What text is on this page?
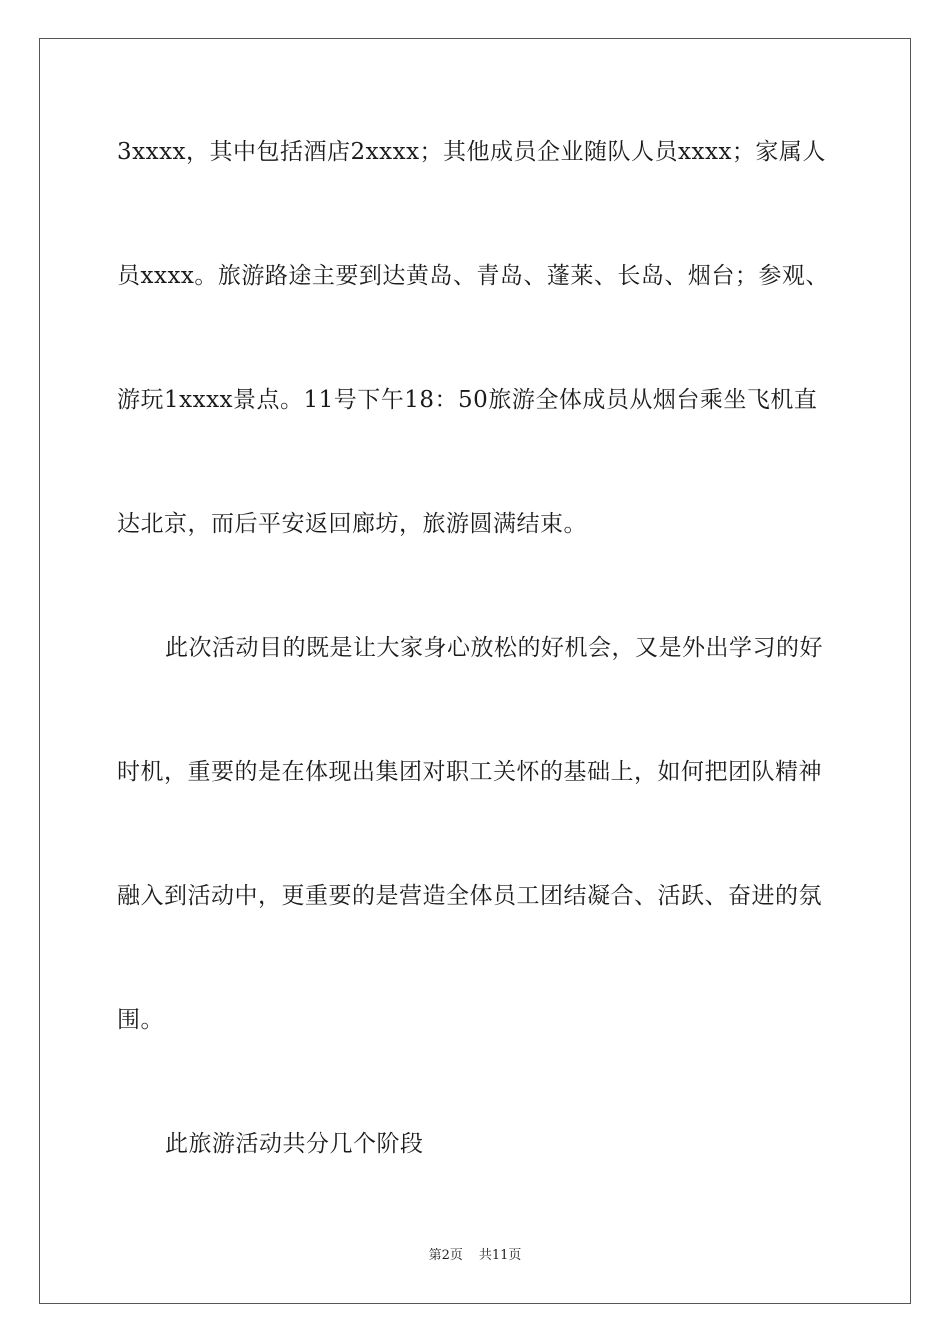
3xxxx，其中包括酒店2xxxx；其他成员企业随队人员xxxx；家属人
员xxxx。旅游路途主要到达黄岛、青岛、蓬莱、长岛、烟台；参观、
游玩1xxxx景点。11号下午18：50旅游全体成员从烟台乘坐飞机直
达北京，而后平安返回廊坊，旅游圆满结束。
此次活动目的既是让大家身心放松的好机会，又是外出学习的好
时机，重要的是在体现出集团对职工关怀的基础上，如何把团队精神
融入到活动中，更重要的是营造全体员工团结凝合、活跃、奋进的氛
围。
此旅游活动共分几个阶段
第2页 共11页
